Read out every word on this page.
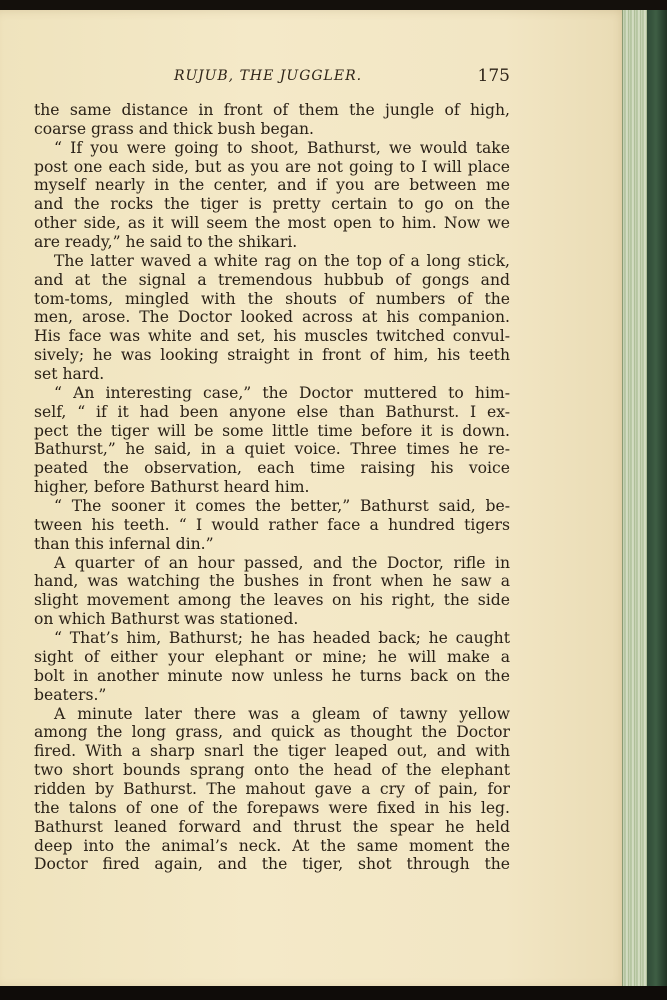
RUJUB, THE JUGGLER.	175
the same distance in front of them the jungle of high,
coarse grass and thick bush began.
“ If you were going to shoot, Bathurst, we would take
post one each side, but as you are not going to I will place
myself nearly in the center, and if you are between me
and the rocks the tiger is pretty certain to go on the
other side, as it will seem the most open to him. Now we
are ready,” he said to the shikari.
The latter waved a white rag on the top of a long stick,
and at the signal a tremendous hubbub of gongs and
tom-toms, mingled with the shouts of numbers of the
men, arose. The Doctor looked across at his companion.
His face was white and set, his muscles twitched convul-
sively; he was looking straight in front of him, his teeth
set hard.
“ An interesting case,” the Doctor muttered to him-
self, “ if it had been anyone else than Bathurst. I ex-
pect the tiger will be some little time before it is down.
Bathurst,” he said, in a quiet voice. Three times he re-
peated the observation, each time raising his voice
higher, before Bathurst heard him.
“ The sooner it comes the better,” Bathurst said, be-
tween his teeth. “ I would rather face a hundred tigers
than this infernal din.”
A quarter of an hour passed, and the Doctor, rifle in
hand, was watching the bushes in front when he saw a
slight movement among the leaves on his right, the side
on which Bathurst was stationed.
“ That’s him, Bathurst; he has headed back; he caught
sight of either your elephant or mine; he will make a
bolt in another minute now unless he turns back on the
beaters.”
A minute later there was a gleam of tawny yellow
among the long grass, and quick as thought the Doctor
fired. With a sharp snarl the tiger leaped out, and with
two short bounds sprang onto the head of the elephant
ridden by Bathurst. The mahout gave a cry of pain, for
the talons of one of the forepaws were fixed in his leg.
Bathurst leaned forward and thrust the spear he held
deep into the animal’s neck. At the same moment the
Doctor fired again, and the tiger, shot through the
